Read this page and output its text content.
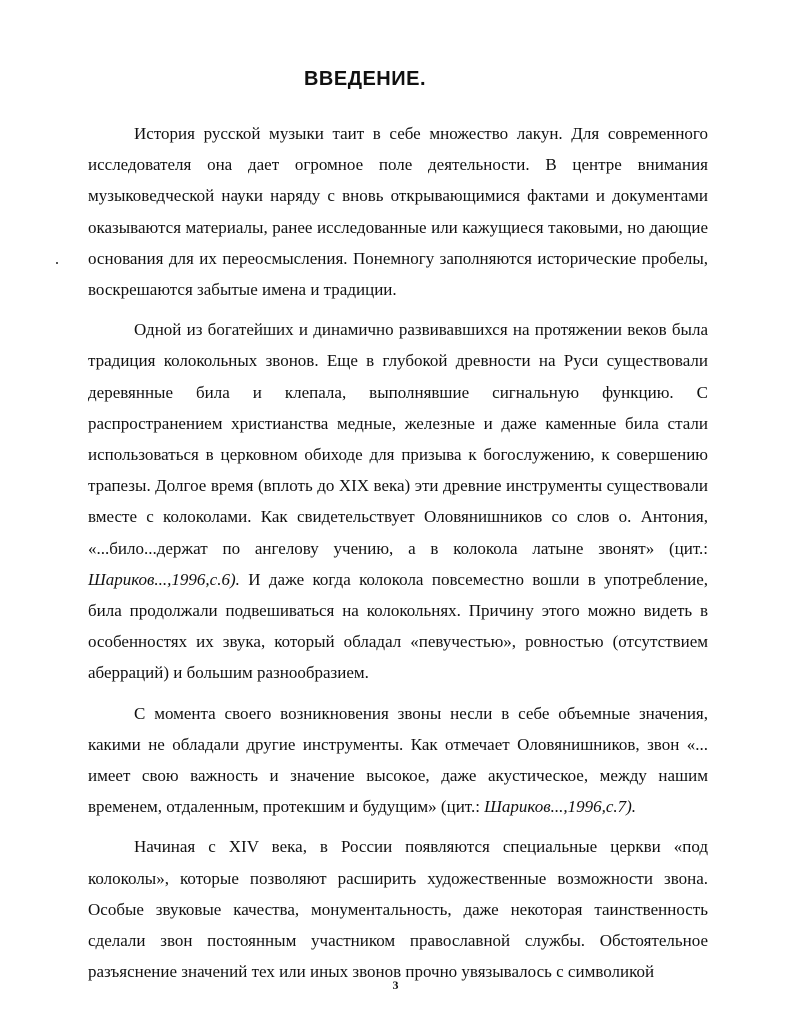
ВВЕДЕНИЕ.

История русской музыки таит в себе множество лакун. Для современного исследователя она дает огромное поле деятельности. В центре внимания музыковедческой науки наряду с вновь открывающимися фактами и документами оказываются материалы, ранее исследованные или кажущиеся таковыми, но дающие основания для их переосмысления. Понемногу заполняются исторические пробелы, воскрешаются забытые имена и традиции.

Одной из богатейших и динамично развивавшихся на протяжении веков была традиция колокольных звонов. Еще в глубокой древности на Руси существовали деревянные била и клепала, выполнявшие сигнальную функцию. С распространением христианства медные, железные и даже каменные била стали использоваться в церковном обиходе для призыва к богослужению, к совершению трапезы. Долгое время (вплоть до XIX века) эти древние инструменты существовали вместе с колоколами. Как свидетельствует Оловянишников со слов о. Антония, «...било...держат по ангелову учению, а в колокола латыне звонят» (цит.: Шариков...,1996,с.6). И даже когда колокола повсеместно вошли в употребление, била продолжали подвешиваться на колокольнях. Причину этого можно видеть в особенностях их звука, который обладал «певучестью», ровностью (отсутствием аберраций) и большим разнообразием.

С момента своего возникновения звоны несли в себе объемные значения, какими не обладали другие инструменты. Как отмечает Оловянишников, звон «... имеет свою важность и значение высокое, даже акустическое, между нашим временем, отдаленным, протекшим и будущим» (цит.: Шариков...,1996,с.7).

Начиная с XIV века, в России появляются специальные церкви «под колоколы», которые позволяют расширить художественные возможности звона. Особые звуковые качества, монументальность, даже некоторая таинственность сделали звон постоянным участником православной службы. Обстоятельное разъяснение значений тех или иных звонов прочно увязывалось с символикой

3
